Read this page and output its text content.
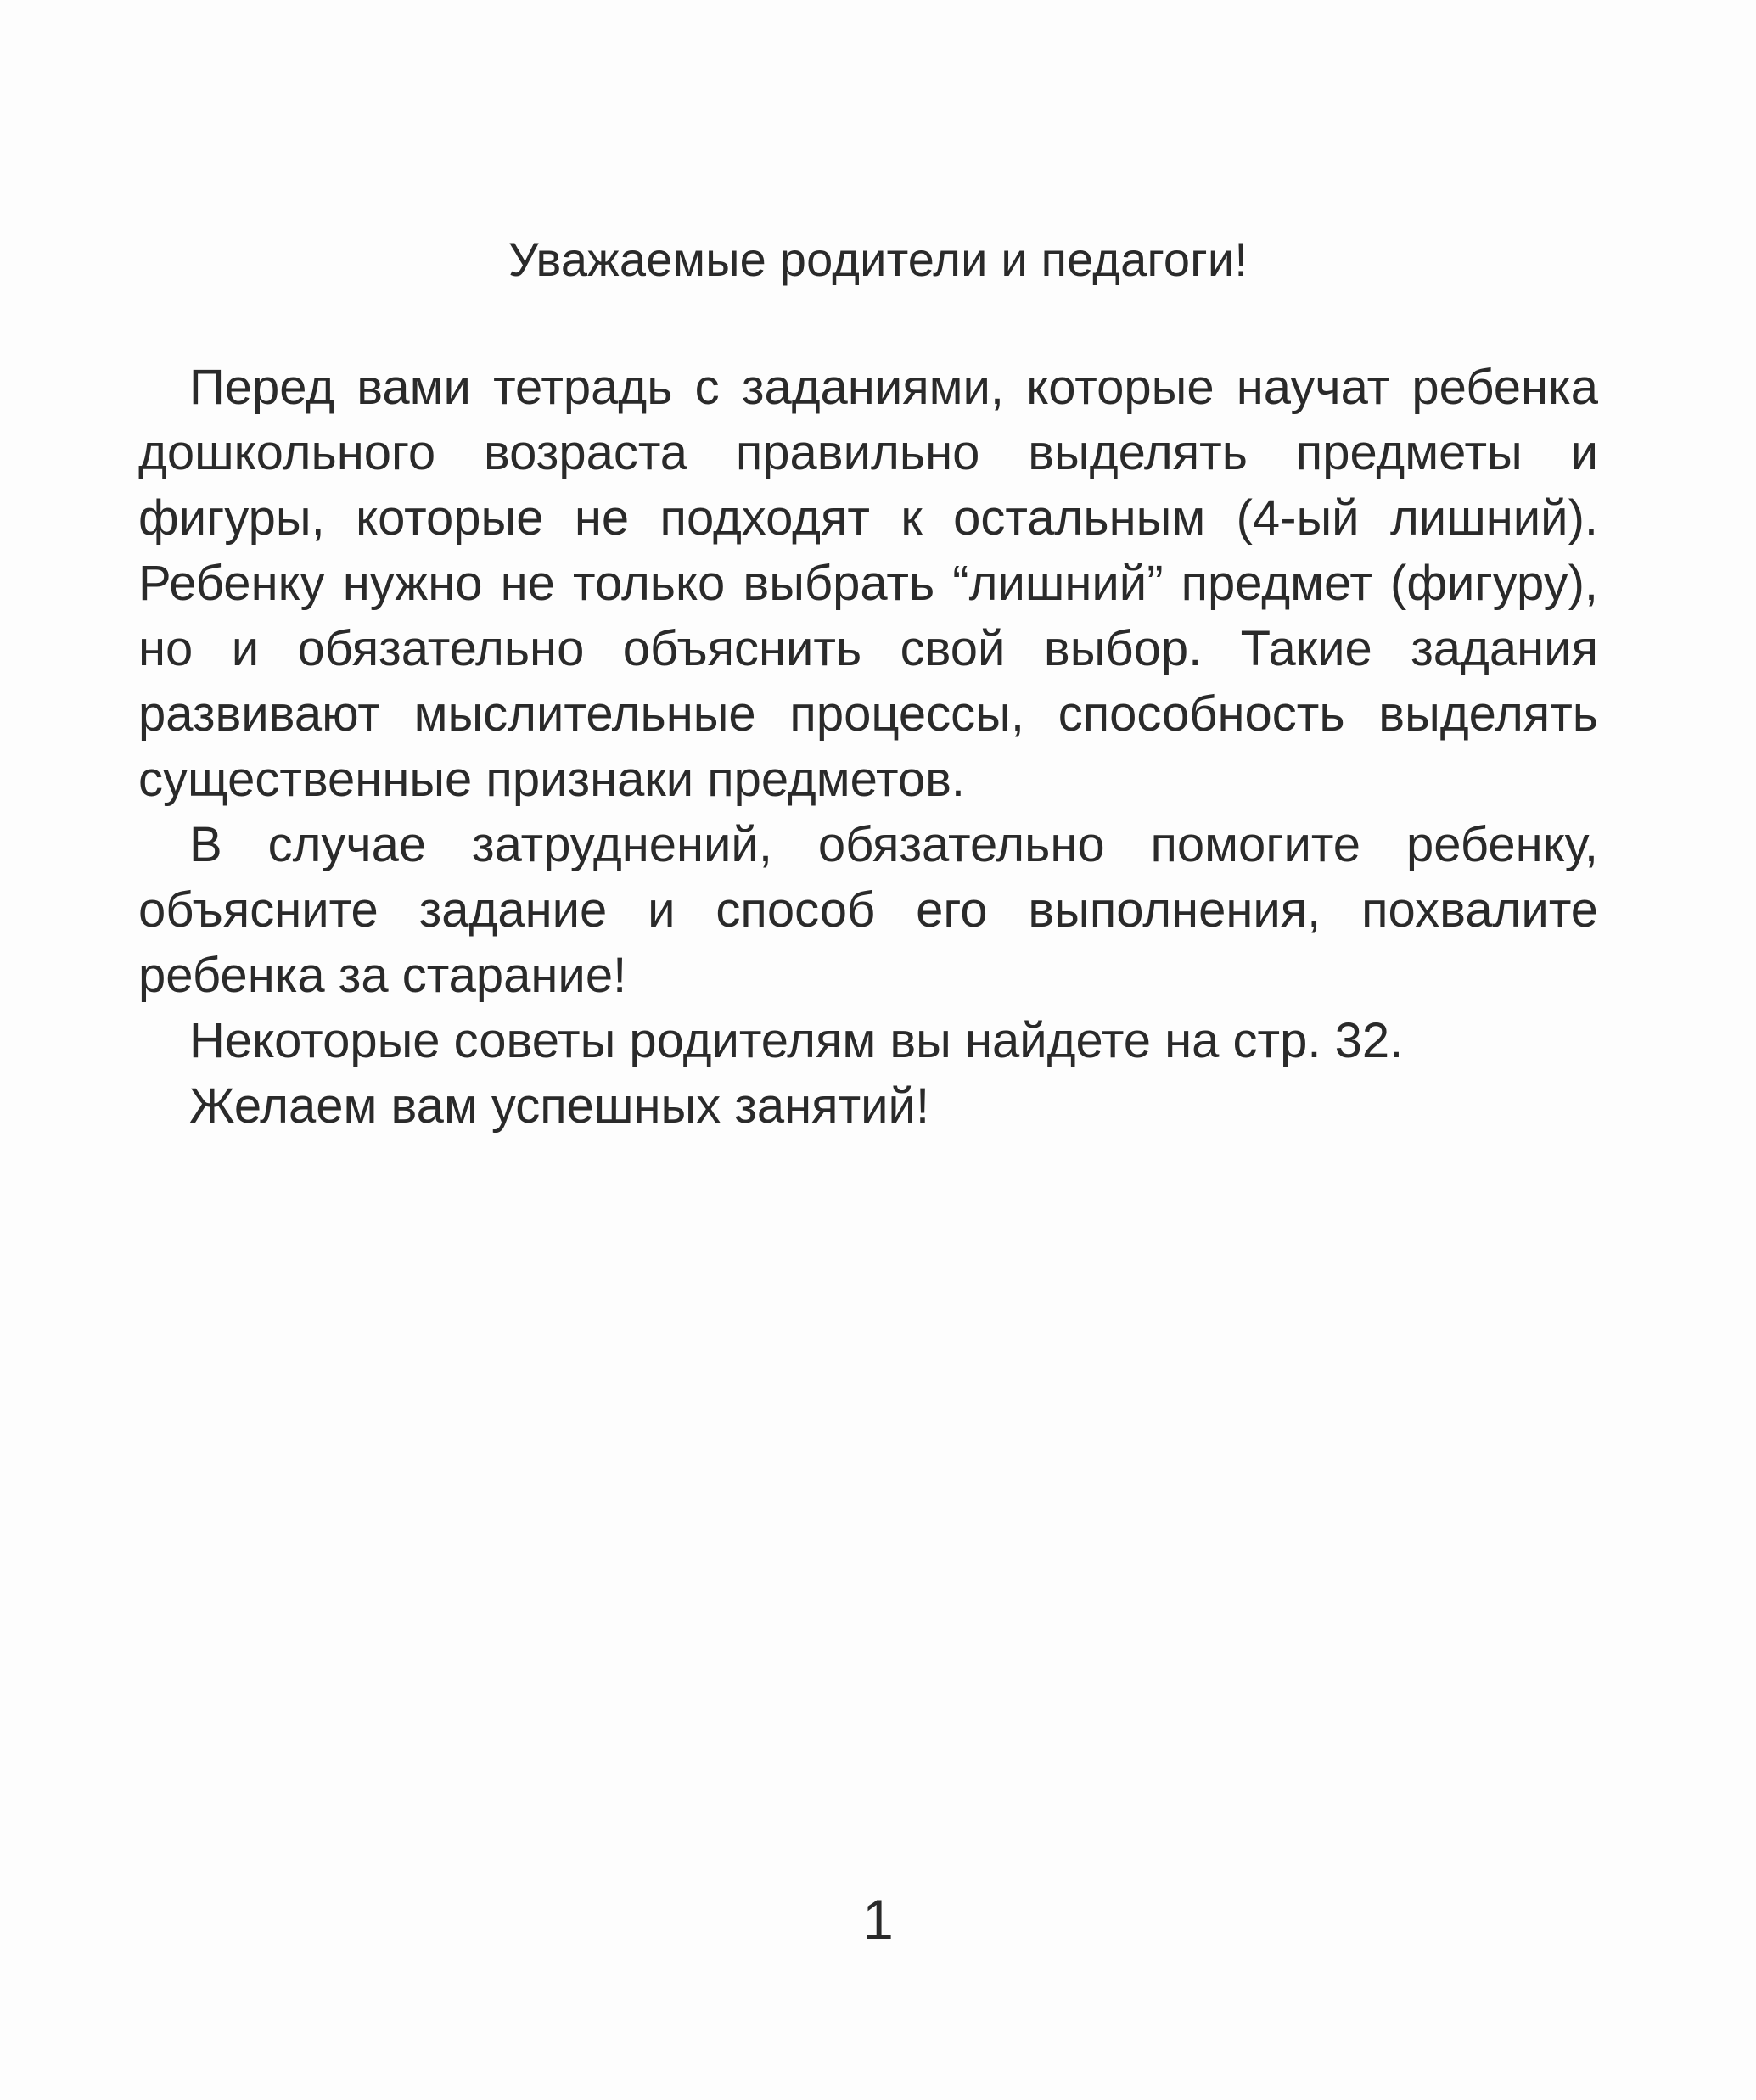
Уважаемые родители и педагоги!

Перед вами тетрадь с заданиями, которые научат ребенка дошкольного возраста правильно выделять предметы и фигуры, которые не подходят к остальным (4-ый лишний). Ребенку нужно не только выбрать “лишний” предмет (фигуру), но и обязательно объяснить свой выбор. Такие задания развивают мыслительные процессы, способность выделять существенные признаки предметов.

В случае затруднений, обязательно помогите ребенку, объясните задание и способ его выполнения, похвалите ребенка за старание!

Некоторые советы родителям вы найдете на стр. 32.

Желаем вам успешных занятий!

1
